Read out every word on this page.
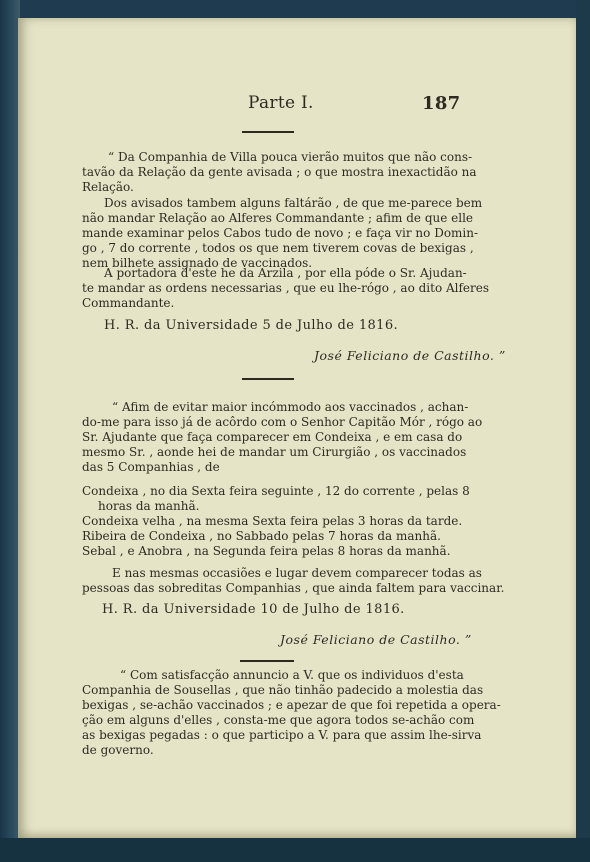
Parte I.	187
“ Da Companhia de Villa pouca vierão muitos que não cons-
tavão da Relação da gente avisada ; o que mostra inexactidão na
Relação.
Dos avisados tambem alguns faltárão , de que me-parece bem
não mandar Relação ao Alferes Commandante ; afim de que elle
mande examinar pelos Cabos tudo de novo ; e faça vir no Domin-
go , 7 do corrente , todos os que nem tiverem covas de bexigas ,
nem bilhete assignado de vaccinados.
A portadora d'este he da Arzila , por ella póde o Sr. Ajudan-
te mandar as ordens necessarias , que eu lhe-rógo , ao dito Alferes
Commandante.
H. R. da Universidade 5 de Julho de 1816.
José Feliciano de Castilho. ”
“ Afim de evitar maior incómmodo aos vaccinados , achan-
do-me para isso já de acôrdo com o Senhor Capitão Mór , rógo ao
Sr. Ajudante que faça comparecer em Condeixa , e em casa do
mesmo Sr. , aonde hei de mandar um Cirurgião , os vaccinados
das 5 Companhias , de
Condeixa , no dia Sexta feira seguinte , 12 do corrente , pelas 8
horas da manhã.
Condeixa velha , na mesma Sexta feira pelas 3 horas da tarde.
Ribeira de Condeixa , no Sabbado pelas 7 horas da manhã.
Sebal , e Anobra , na Segunda feira pelas 8 horas da manhã.
E nas mesmas occasiões e lugar devem comparecer todas as
pessoas das sobreditas Companhias , que ainda faltem para vaccinar.
H. R. da Universidade 10 de Julho de 1816.
José Feliciano de Castilho. ”
“ Com satisfacção annuncio a V. que os individuos d'esta
Companhia de Sousellas , que não tinhão padecido a molestia das
bexigas , se-achão vaccinados ; e apezar de que foi repetida a opera-
ção em alguns d'elles , consta-me que agora todos se-achão com
as bexigas pegadas : o que participo a V. para que assim lhe-sirva
de governo.
